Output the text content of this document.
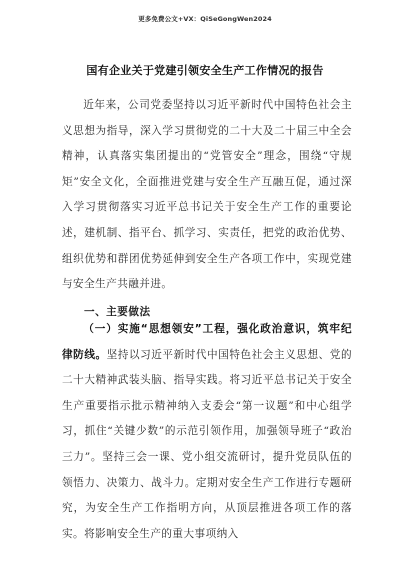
更多免费公文+VX：QiSeGongWen2024
国有企业关于党建引领安全生产工作情况的报告
近年来，公司党委坚持以习近平新时代中国特色社会主义思想为指导，深入学习贯彻党的二十大及二十届三中全会精神，认真落实集团提出的“党管安全”理念，围绕“守规矩”安全文化，全面推进党建与安全生产互融互促，通过深入学习贯彻落实习近平总书记关于安全生产工作的重要论述，建机制、指平台、抓学习、实责任，把党的政治优势、组织优势和群团优势延伸到安全生产各项工作中，实现党建与安全生产共融并进。
一、主要做法
（一）实施“思想领安”工程，强化政治意识，筑牢纪律防线。坚持以习近平新时代中国特色社会主义思想、党的二十大精神武装头脑、指导实践。将习近平总书记关于安全生产重要指示批示精神纳入支委会“第一议题”和中心组学习，抓住“关键少数”的示范引领作用，加强领导班子“政治三力”。坚持三会一课、党小组交流研讨，提升党员队伍的领悟力、决策力、战斗力。定期对安全生产工作进行专题研究，为安全生产工作指明方向，从顶层推进各项工作的落实。将影响安全生产的重大事项纳入
